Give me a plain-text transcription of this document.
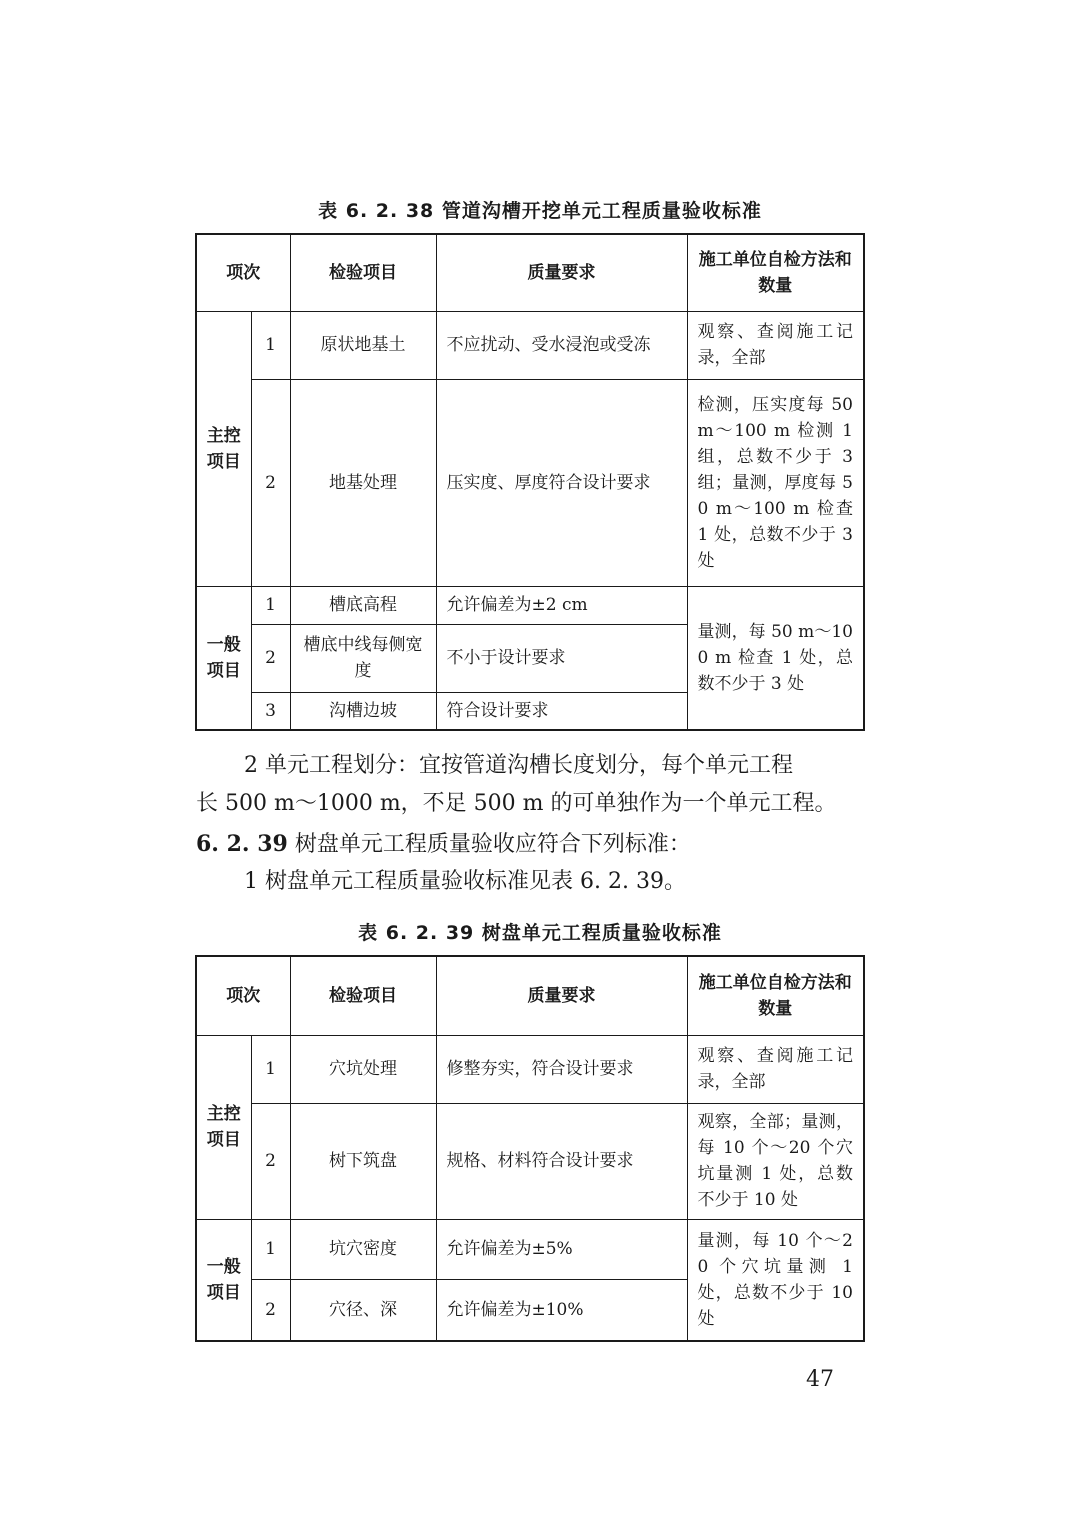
表 6. 2. 38 管道沟槽开挖单元工程质量验收标准
项次		检验项目	质量要求	施工单位自检方法和数量
主控项目	1	原状地基土	不应扰动、受水浸泡或受冻	观察、查阅施工记录，全部
	2	地基处理	压实度、厚度符合设计要求	检测，压实度每 50 m～100 m 检测 1 组，总数不少于 3 组；量测，厚度每 50 m～100 m 检查 1 处，总数不少于 3 处
一般项目	1	槽底高程	允许偏差为±2 cm	量测，每 50 m～100 m 检查 1 处，总数不少于 3 处
	2	槽底中线每侧宽度	不小于设计要求	
	3	沟槽边坡	符合设计要求	
2 单元工程划分：宜按管道沟槽长度划分，每个单元工程
长 500 m～1000 m，不足 500 m 的可单独作为一个单元工程。
6. 2. 39 树盘单元工程质量验收应符合下列标准：
1 树盘单元工程质量验收标准见表 6. 2. 39。
表 6. 2. 39 树盘单元工程质量验收标准
项次		检验项目	质量要求	施工单位自检方法和数量
主控项目	1	穴坑处理	修整夯实，符合设计要求	观察、查阅施工记录，全部
	2	树下筑盘	规格、材料符合设计要求	观察，全部；量测，每 10 个～20 个穴坑量测 1 处，总数不少于 10 处
一般项目	1	坑穴密度	允许偏差为±5%	量测，每 10 个～20 个穴坑量测 1 处，总数不少于 10 处
	2	穴径、深	允许偏差为±10%	
47
